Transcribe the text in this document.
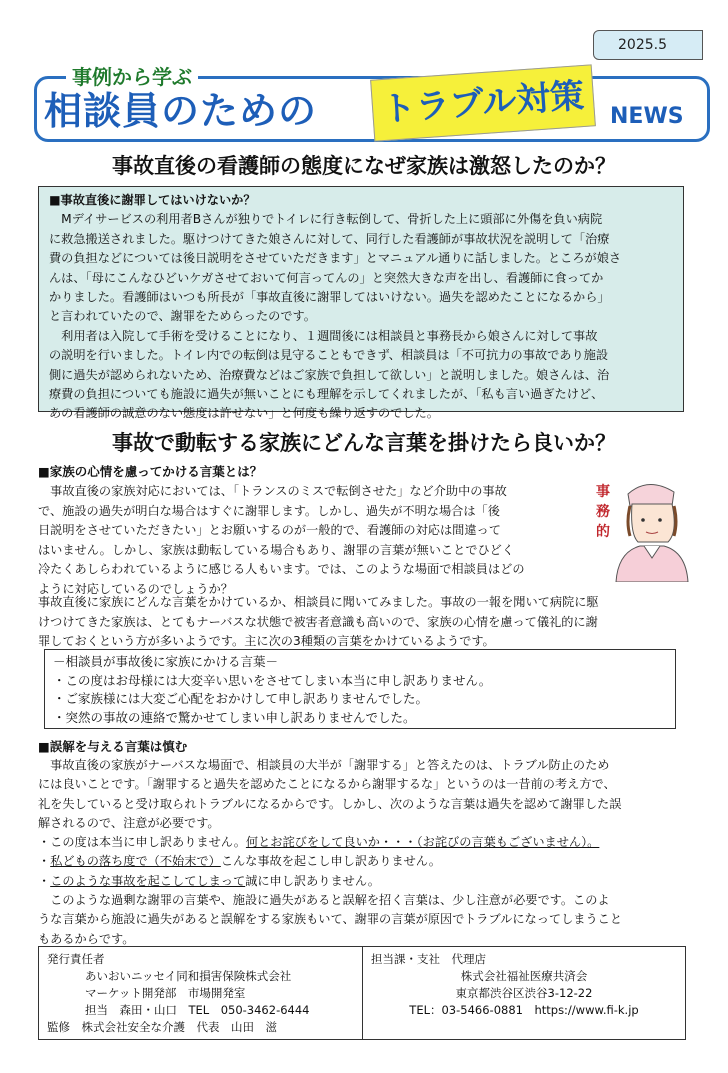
2025.5
事例から学ぶ
相談員のための	トラブル対策	NEWS
事故直後の看護師の態度になぜ家族は激怒したのか？
■事故直後に謝罪してはいけないか？
　Mデイサービスの利用者Bさんが独りでトイレに行き転倒して、骨折した上に頭部に外傷を負い病院
に救急搬送されました。駆けつけてきた娘さんに対して、同行した看護師が事故状況を説明して「治療
費の負担などについては後日説明をさせていただきます」とマニュアル通りに話しました。ところが娘さ
んは、「母にこんなひどいケガさせておいて何言ってんの」と突然大きな声を出し、看護師に食ってか
かりました。看護師はいつも所長が「事故直後に謝罪してはいけない。過失を認めたことになるから」
と言われていたので、謝罪をためらったのです。
　利用者は入院して手術を受けることになり、１週間後には相談員と事務長から娘さんに対して事故
の説明を行いました。トイレ内での転倒は見守ることもできず、相談員は「不可抗力の事故であり施設
側に過失が認められないため、治療費などはご家族で負担して欲しい」と説明しました。娘さんは、治
療費の負担についても施設に過失が無いことにも理解を示してくれましたが、「私も言い過ぎたけど、
あの看護師の誠意のない態度は許せない」と何度も繰り返すのでした。
事故で動転する家族にどんな言葉を掛けたら良いか？
■家族の心情を慮ってかける言葉とは？
　事故直後の家族対応においては、「トランスのミスで転倒させた」など介助中の事故
で、施設の過失が明白な場合はすぐに謝罪します。しかし、過失が不明な場合は「後
日説明をさせていただきたい」とお願いするのが一般的で、看護師の対応は間違って
はいません。しかし、家族は動転している場合もあり、謝罪の言葉が無いことでひどく
冷たくあしらわれているように感じる人もいます。では、このような場面で相談員はどの
ように対応しているのでしょうか？
事故直後に家族にどんな言葉をかけているか、相談員に聞いてみました。事故の一報を聞いて病院に駆
けつけてきた家族は、とてもナーバスな状態で被害者意識も高いので、家族の心情を慮って儀礼的に謝
罪しておくという方が多いようです。主に次の3種類の言葉をかけているようです。
事務的
－相談員が事故後に家族にかける言葉－
・この度はお母様には大変辛い思いをさせてしまい本当に申し訳ありません。
・ご家族様には大変ご心配をおかけして申し訳ありませんでした。
・突然の事故の連絡で驚かせてしまい申し訳ありませんでした。
■誤解を与える言葉は慎む
　事故直後の家族がナーバスな場面で、相談員の大半が「謝罪する」と答えたのは、トラブル防止のため
には良いことです。「謝罪すると過失を認めたことになるから謝罪するな」というのは一昔前の考え方で、
礼を失していると受け取られトラブルになるからです。しかし、次のような言葉は過失を認めて謝罪した誤
解されるので、注意が必要です。
・この度は本当に申し訳ありません。何とお詫びをして良いか・・・（お詫びの言葉もございません）。
・私どもの落ち度で（不始末で）こんな事故を起こし申し訳ありません。
・このような事故を起こしてしまって誠に申し訳ありません。
　このような過剰な謝罪の言葉や、施設に過失があると誤解を招く言葉は、少し注意が必要です。このよ
うな言葉から施設に過失があると誤解をする家族もいて、謝罪の言葉が原因でトラブルになってしまうこと
もあるからです。
発行責任者
あいおいニッセイ同和損害保険株式会社
マーケット開発部　市場開発室
担当　森田・山口　TEL　050-3462-6444
監修　株式会社安全な介護　代表　山田　滋
担当課・支社　代理店
株式会社福祉医療共済会
東京都渋谷区渋谷3-12-22
TEL：03-5466-0881　https://www.fi-k.jp
